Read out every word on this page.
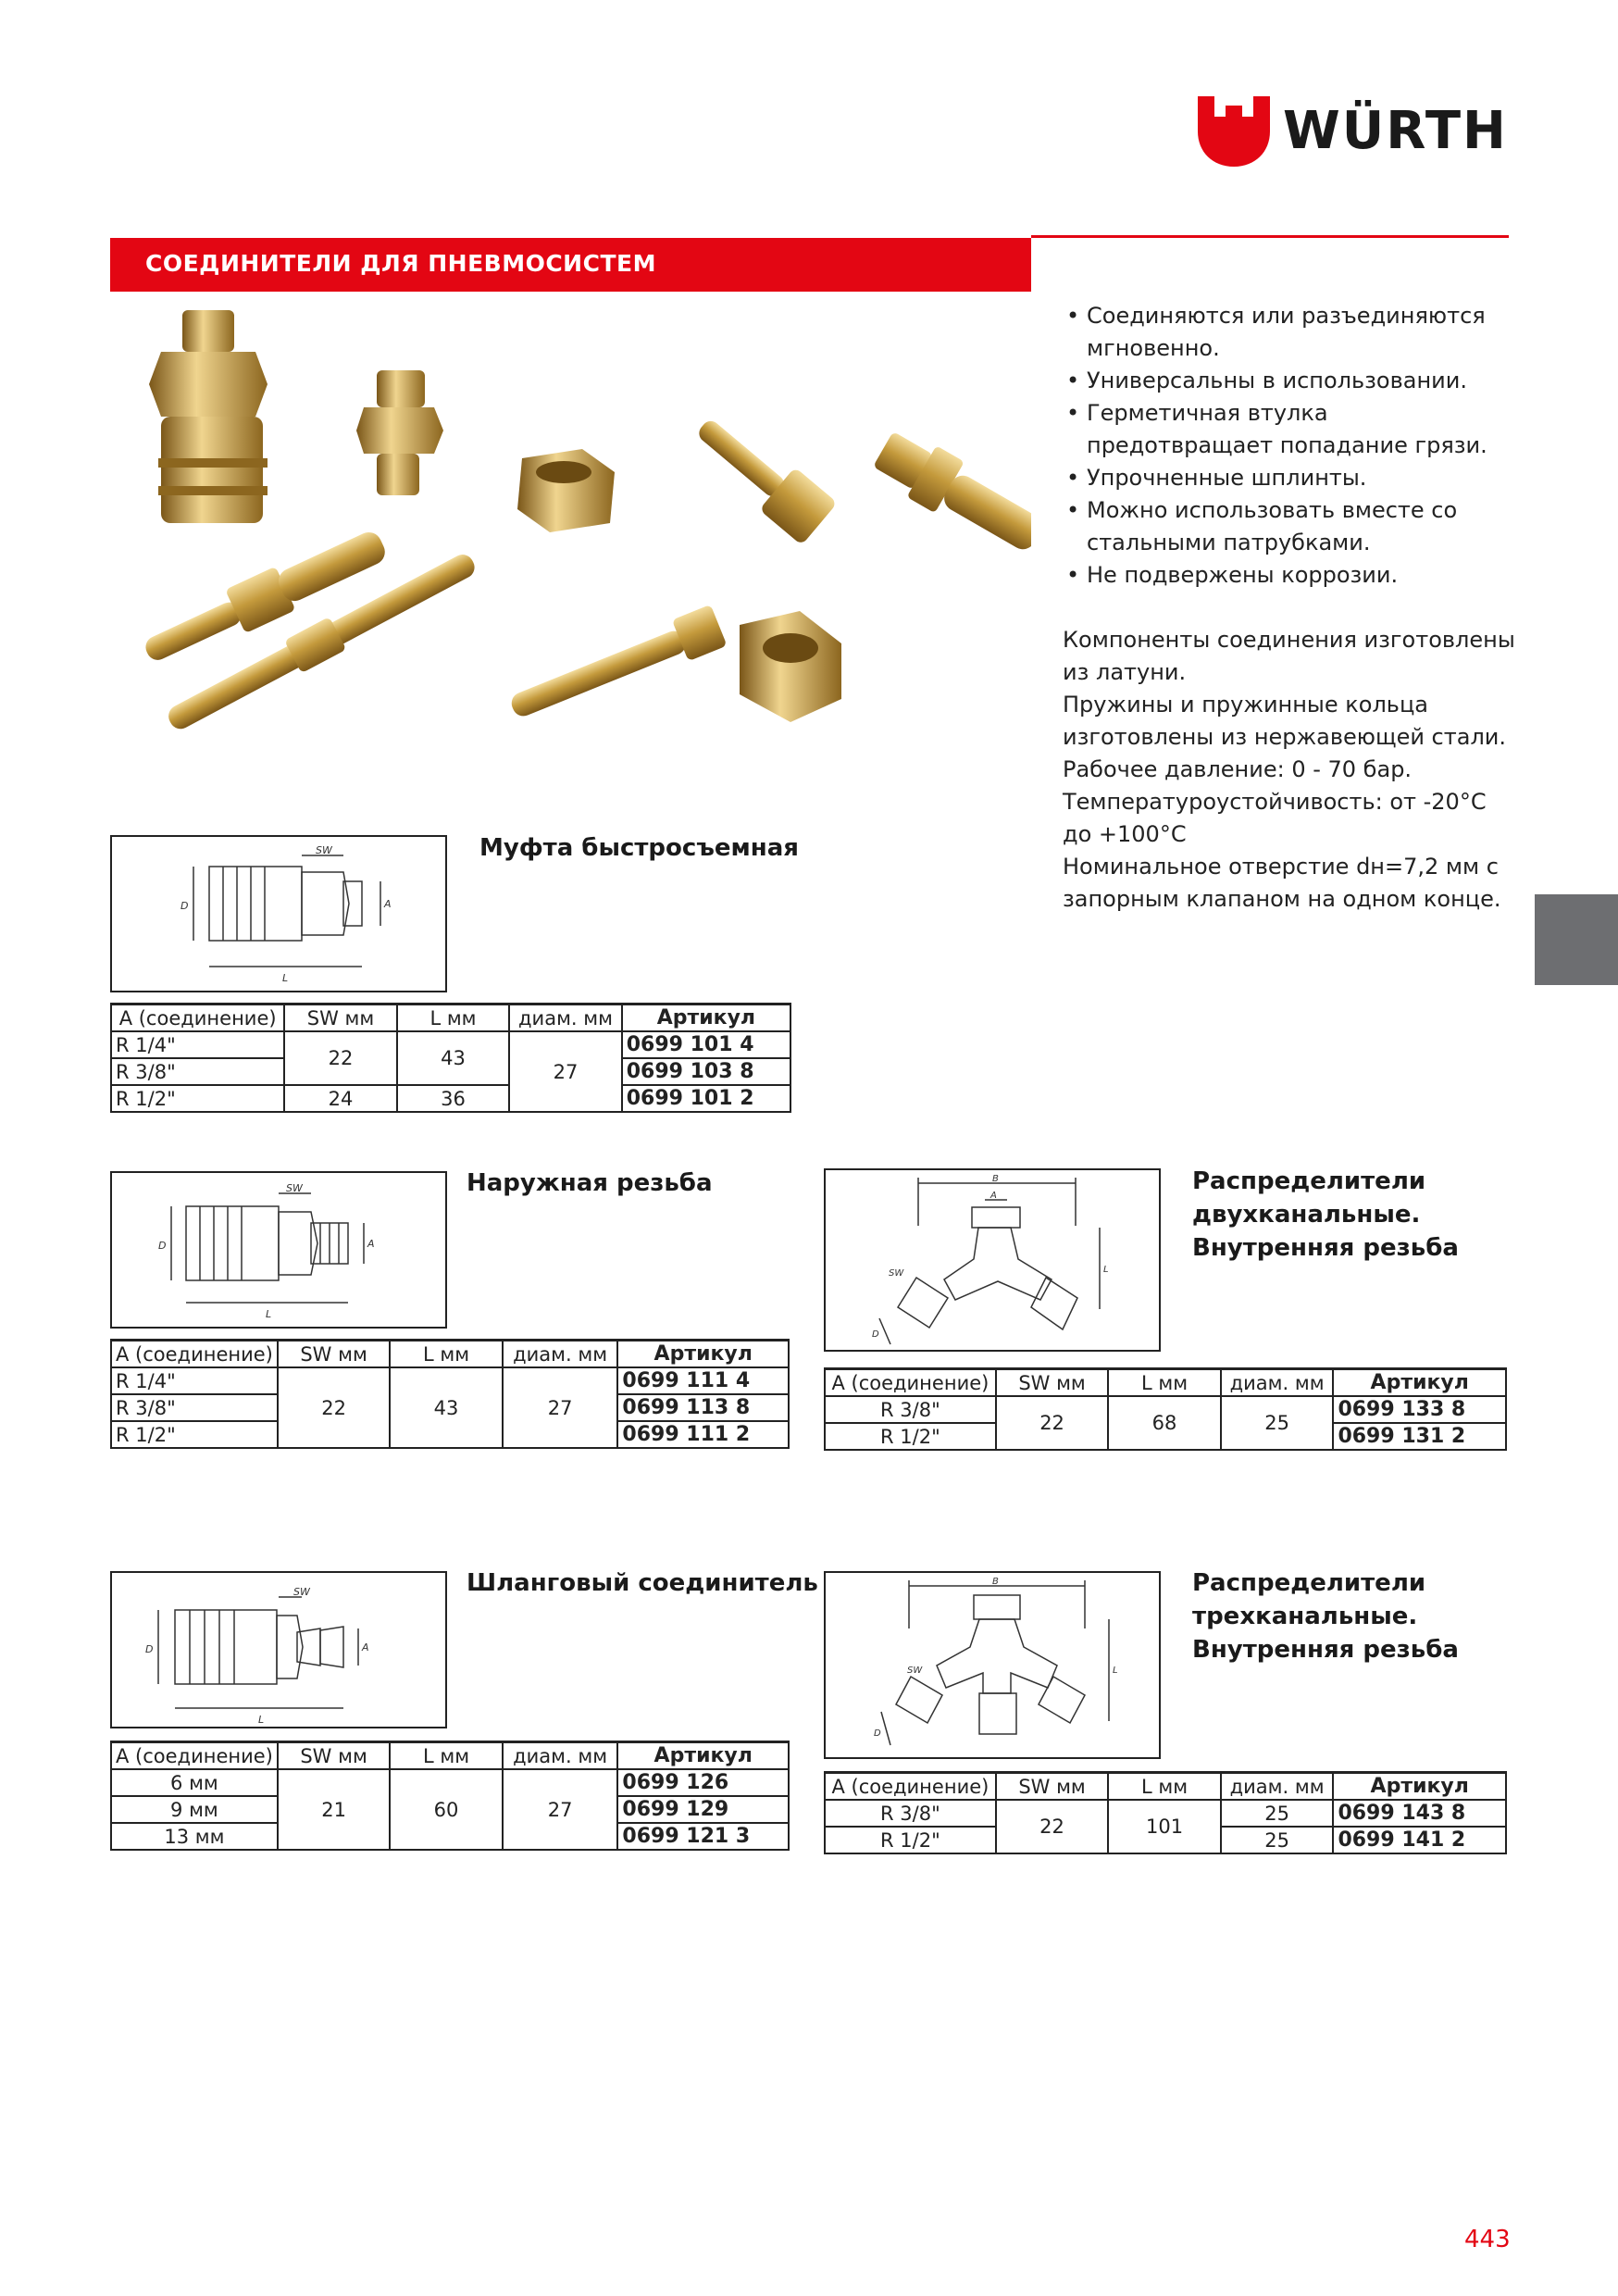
WÜRTH
СОЕДИНИТЕЛИ ДЛЯ ПНЕВМОСИСТЕМ
• Соединяются или разъединяются мгновенно.
• Универсальны в использовании.
• Герметичная втулка предотвращает попадание грязи.
• Упрочненные шплинты.
• Можно использовать вместе со стальными патрубками.
• Не подвержены коррозии.
Компоненты соединения изготовлены
из латуни.
Пружины и пружинные кольца
изготовлены из нержавеющей стали.
Рабочее давление: 0 - 70 бар.
Температуроустойчивость: от -20°C
до +100°C
Номинальное отверстие dн=7,2 мм с
запорным клапаном на одном конце.
SW
D	A
L
Муфта быстросъемная
A (соединение)	SW мм	L мм	диам. мм	Артикул
R 1/4"	22	43	27	0699 101 4
R 3/8"				0699 103 8
R 1/2"	24	36		0699 101 2
SW
D	A
L
Наружная резьба
A (соединение)	SW мм	L мм	диам. мм	Артикул
R 1/4"	22	43	27	0699 111 4
R 3/8"				0699 113 8
R 1/2"				0699 111 2
SW
D	A
L
Шланговый соединитель
A (соединение)	SW мм	L мм	диам. мм	Артикул
6 мм	21	60	27	0699 126
9 мм				0699 129
13 мм				0699 121 3
B
A
SW	L
D
Распределители
двухканальные.
Внутренняя резьба
A (соединение)	SW мм	L мм	диам. мм	Артикул
R 3/8"	22	68	25	0699 133 8
R 1/2"				0699 131 2
B
SW	L
D
Распределители
трехканальные.
Внутренняя резьба
A (соединение)	SW мм	L мм	диам. мм	Артикул
R 3/8"	22	101	25	0699 143 8
R 1/2"			25	0699 141 2
443
